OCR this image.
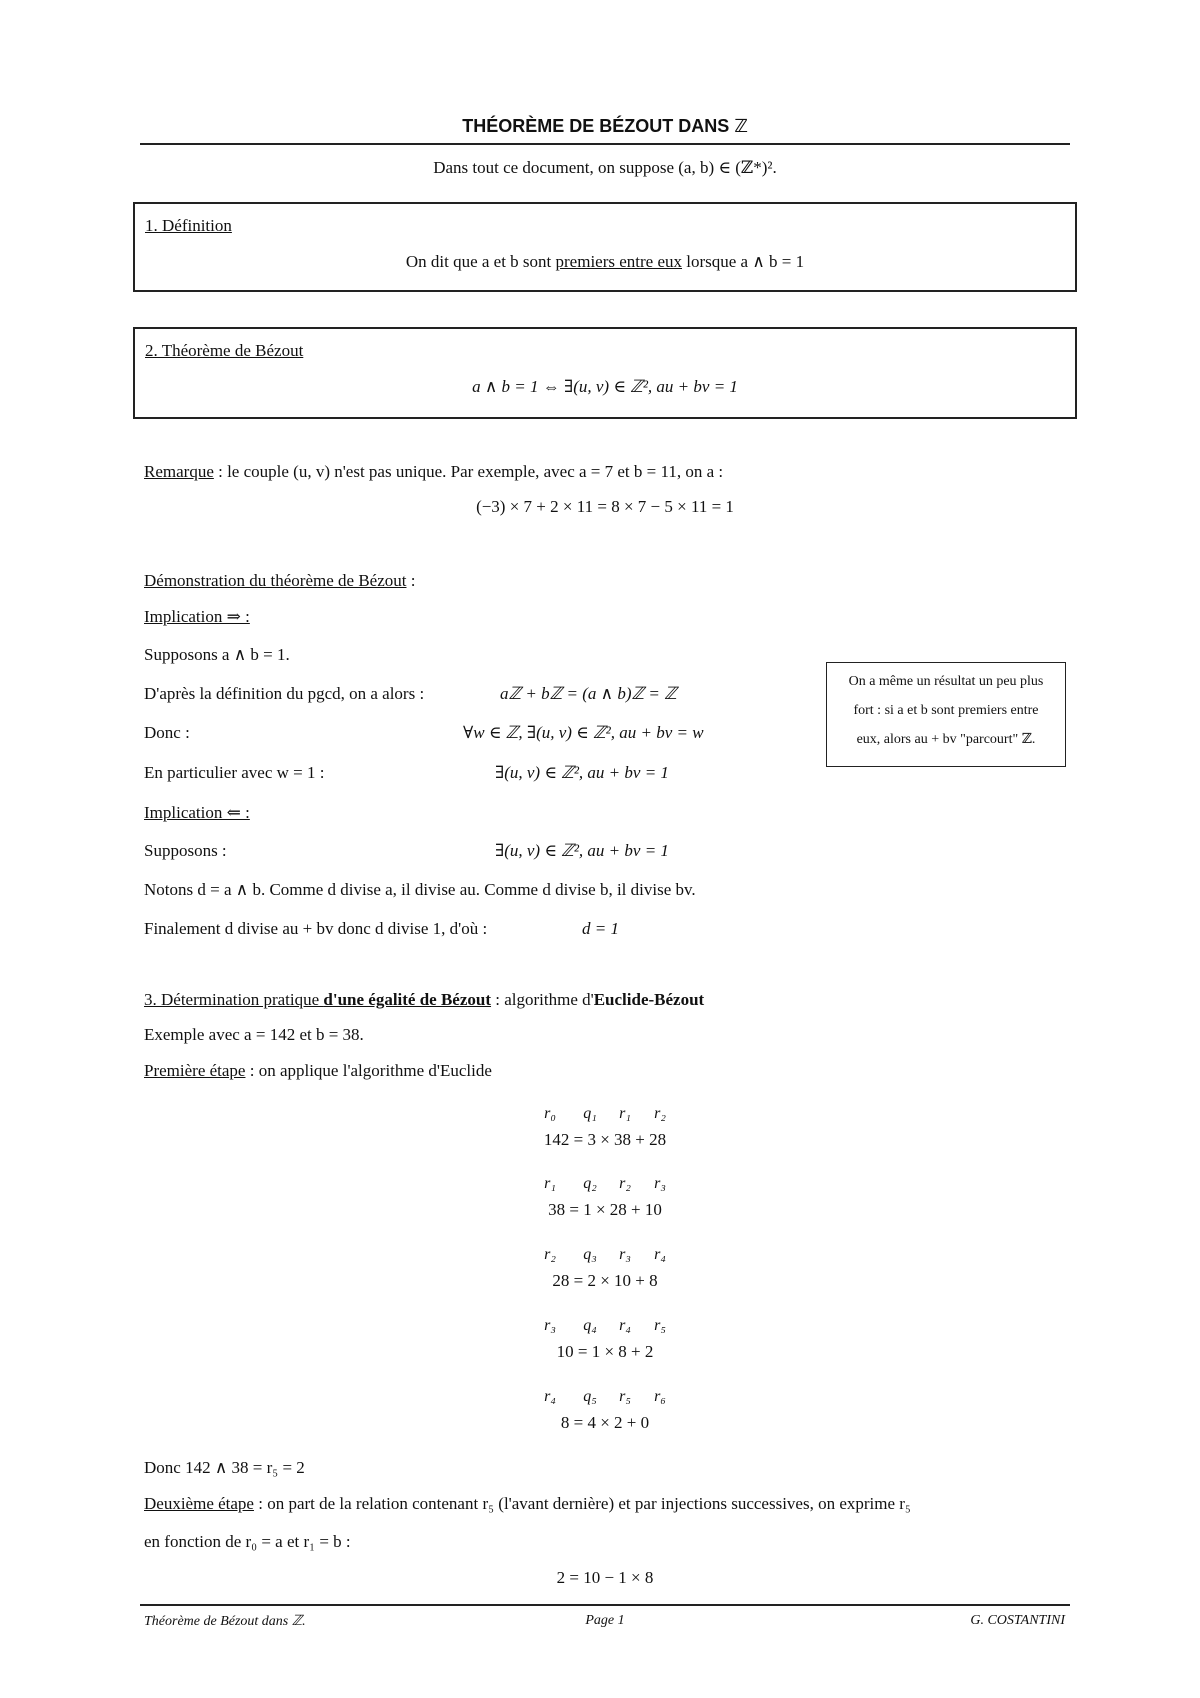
THÉORÈME DE BÉZOUT DANS ℤ
Dans tout ce document, on suppose (a, b) ∈ (ℤ*)².
1. Définition
On dit que a et b sont premiers entre eux lorsque a ∧ b = 1
2. Théorème de Bézout
a ∧ b = 1 ⇔ ∃(u, v) ∈ ℤ², au + bv = 1
Remarque : le couple (u, v) n'est pas unique. Par exemple, avec a = 7 et b = 11, on a :
(−3) × 7 + 2 × 11 = 8 × 7 − 5 × 11 = 1
Démonstration du théorème de Bézout :
Implication ⇒ :
Supposons a ∧ b = 1.
D'après la définition du pgcd, on a alors :	aℤ + bℤ = (a ∧ b)ℤ = ℤ
Donc :	∀w ∈ ℤ, ∃(u, v) ∈ ℤ², au + bv = w
En particulier avec w = 1 :	∃(u, v) ∈ ℤ², au + bv = 1
On a même un résultat un peu plus
fort : si a et b sont premiers entre
eux, alors au + bv "parcourt" ℤ.
Implication ⇐ :
Supposons :	∃(u, v) ∈ ℤ², au + bv = 1
Notons d = a ∧ b. Comme d divise a, il divise au. Comme d divise b, il divise bv.
Finalement d divise au + bv donc d divise 1, d'où :	d = 1
3. Détermination pratique d'une égalité de Bézout : algorithme d'Euclide-Bézout
Exemple avec a = 142 et b = 38.
Première étape : on applique l'algorithme d'Euclide
r₀	q₁	r₁	r₂
142 = 3 × 38 + 28
r₁	q₂	r₂	r₃
38 = 1 × 28 + 10
r₂	q₃	r₃	r₄
28 = 2 × 10 + 8
r₃	q₄	r₄	r₅
10 = 1 × 8 + 2
r₄	q₅	r₅	r₆
8 = 4 × 2 + 0
Donc 142 ∧ 38 = r₅ = 2
Deuxième étape : on part de la relation contenant r₅ (l'avant dernière) et par injections successives, on exprime r₅
en fonction de r₀ = a et r₁ = b :
2 = 10 − 1 × 8
Théorème de Bézout dans ℤ.	Page 1	G. COSTANTINI
